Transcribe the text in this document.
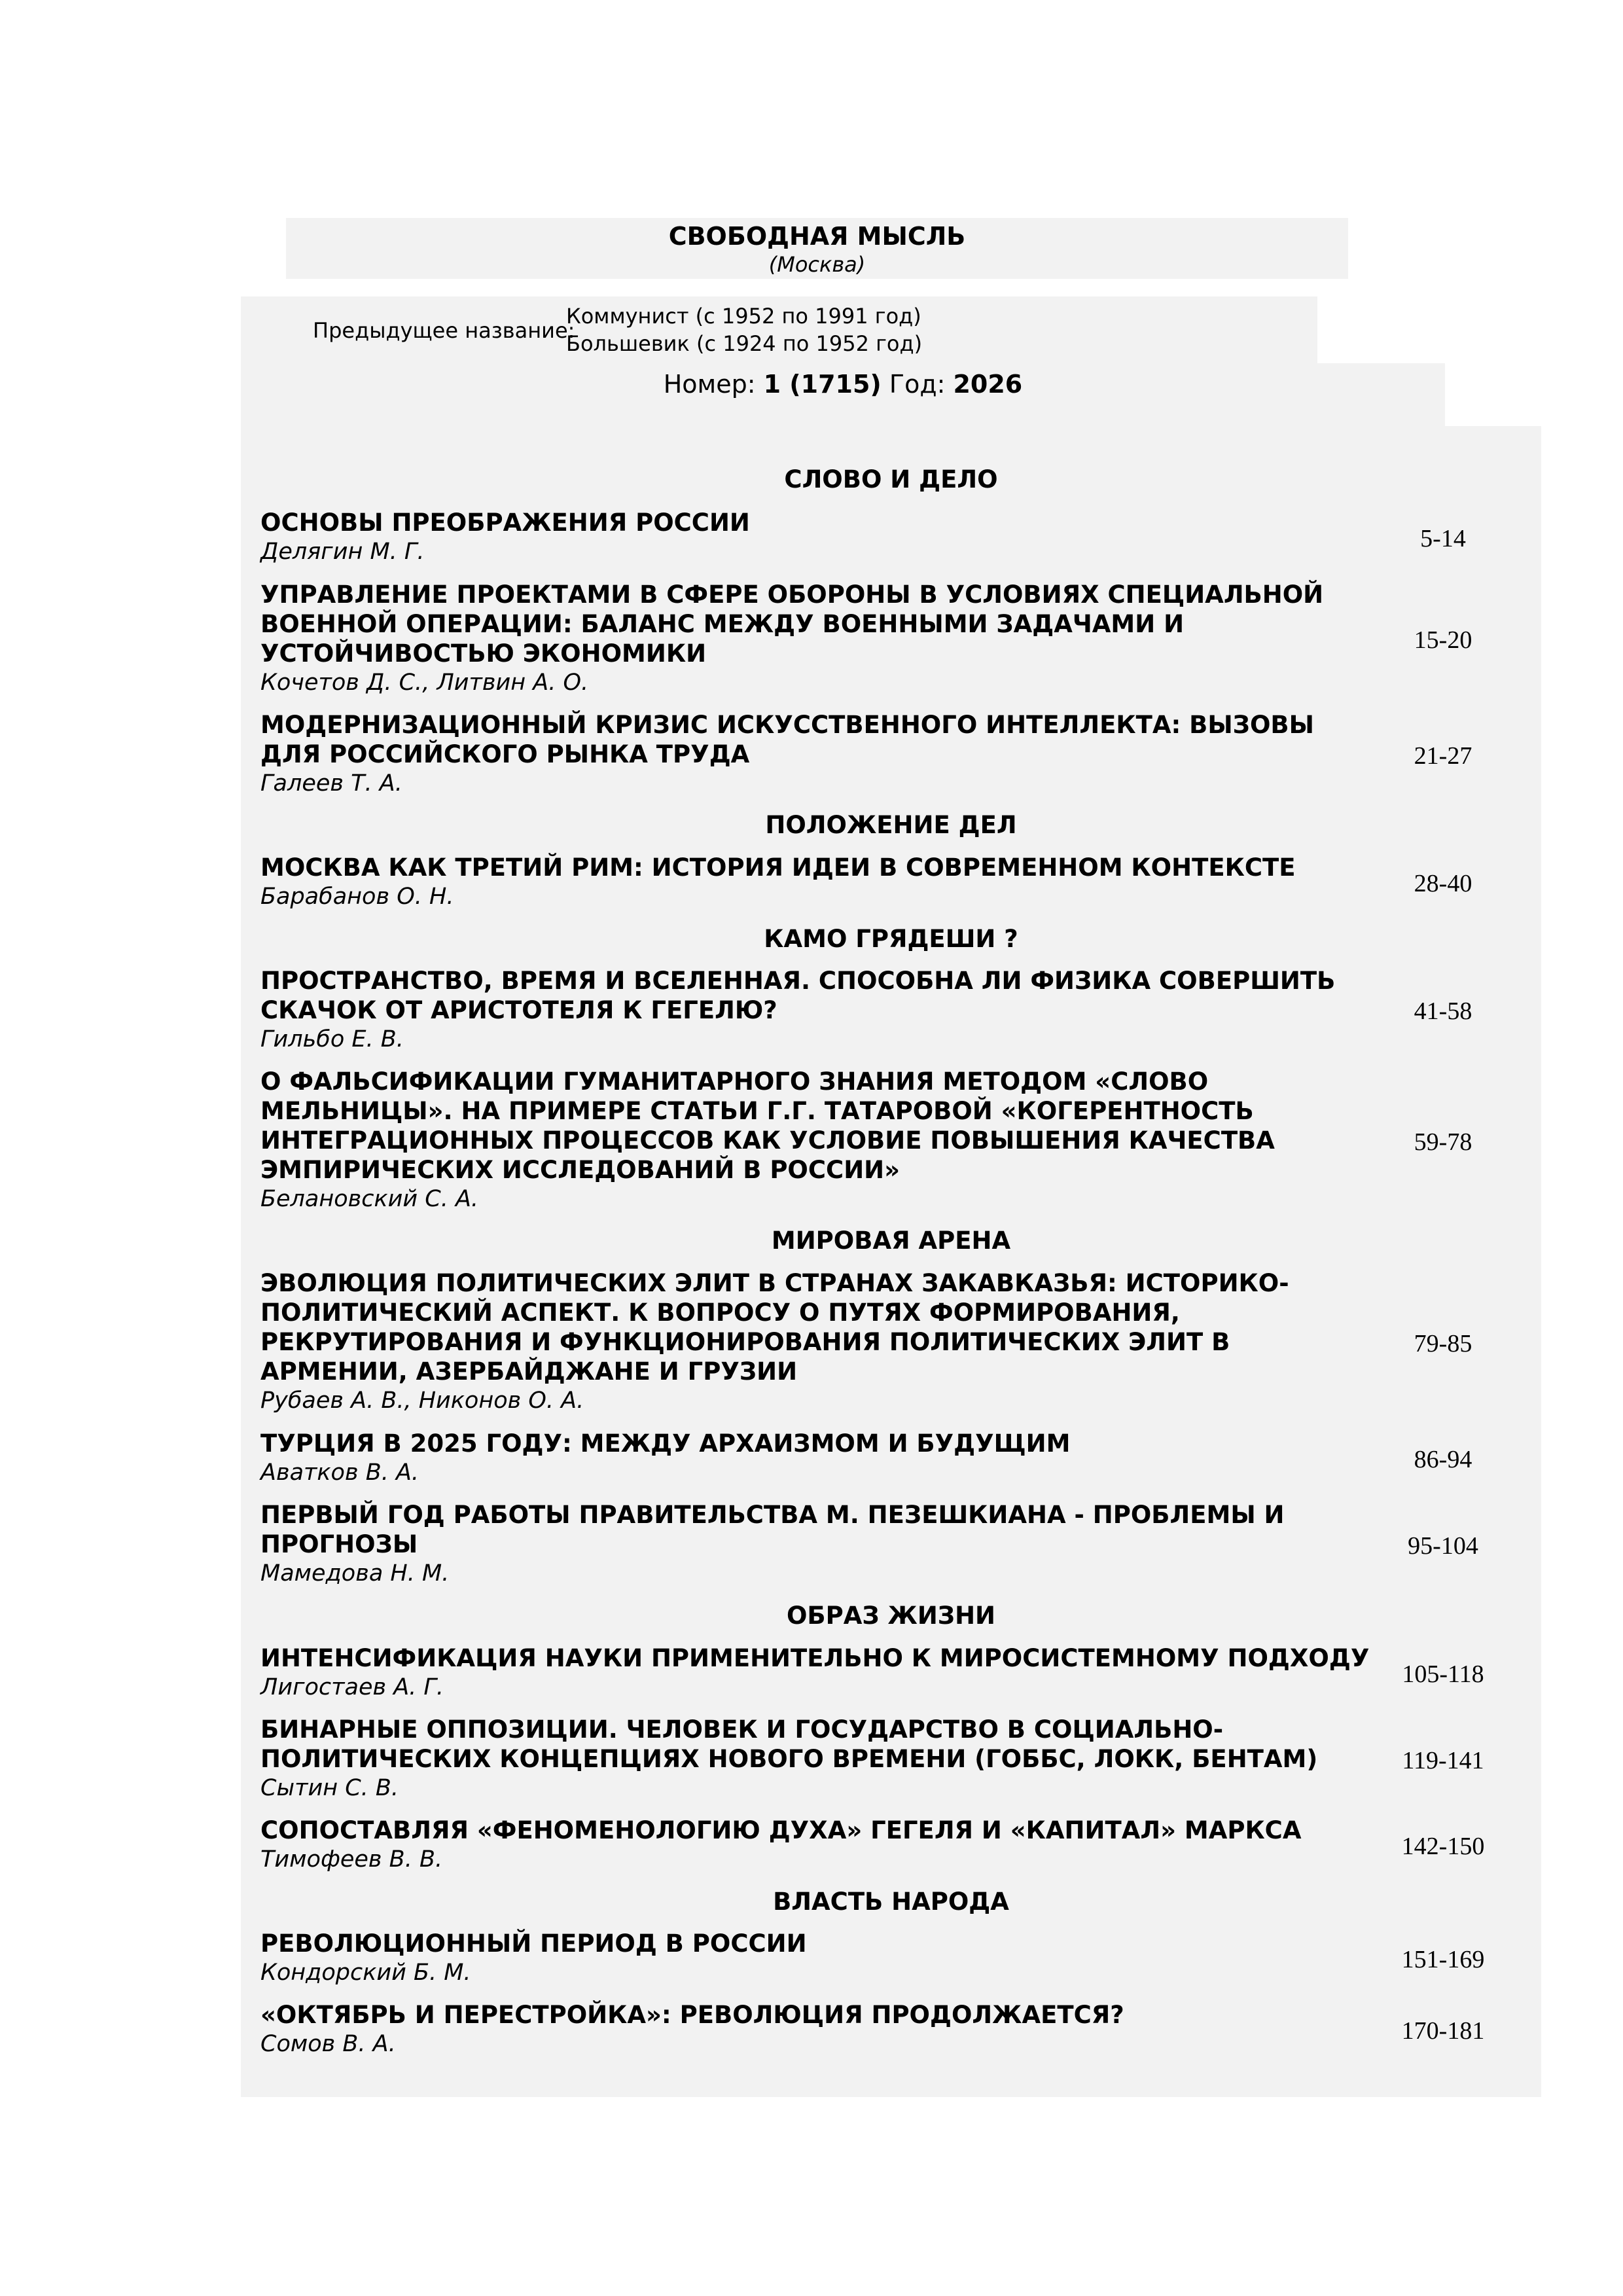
СВОБОДНАЯ МЫСЛЬ
(Москва)
Предыдущее название:
Коммунист (с 1952 по 1991 год)
Большевик (с 1924 по 1952 год)
Номер: 1 (1715) Год: 2026
СЛОВО И ДЕЛО

ОСНОВЫ ПРЕОБРАЖЕНИЯ РОССИИ

Делягин М. Г.	5-14

УПРАВЛЕНИЕ ПРОЕКТАМИ В СФЕРЕ ОБОРОНЫ В УСЛОВИЯХ СПЕЦИАЛЬНОЙ ВОЕННОЙ ОПЕРАЦИИ: БАЛАНС МЕЖДУ ВОЕННЫМИ ЗАДАЧАМИ И УСТОЙЧИВОСТЬЮ ЭКОНОМИКИ

Кочетов Д. С., Литвин А. О.

15-20

МОДЕРНИЗАЦИОННЫЙ КРИЗИС ИСКУССТВЕННОГО ИНТЕЛЛЕКТА: ВЫЗОВЫ ДЛЯ РОССИЙСКОГО РЫНКА ТРУДА

Галеев Т. А.

21-27
ПОЛОЖЕНИЕ ДЕЛ

МОСКВА КАК ТРЕТИЙ РИМ: ИСТОРИЯ ИДЕИ В СОВРЕМЕННОМ КОНТЕКСТЕ

Барабанов О. Н.	28-40
КАМО ГРЯДЕШИ ?

ПРОСТРАНСТВО, ВРЕМЯ И ВСЕЛЕННАЯ. СПОСОБНА ЛИ ФИЗИКА СОВЕРШИТЬ СКАЧОК ОТ АРИСТОТЕЛЯ К ГЕГЕЛЮ?

Гильбо Е. В.

41-58

О ФАЛЬСИФИКАЦИИ ГУМАНИТАРНОГО ЗНАНИЯ МЕТОДОМ «СЛОВО МЕЛЬНИЦЫ». НА ПРИМЕРЕ СТАТЬИ Г.Г. ТАТАРОВОЙ «КОГЕРЕНТНОСТЬ ИНТЕГРАЦИОННЫХ ПРОЦЕССОВ КАК УСЛОВИЕ ПОВЫШЕНИЯ КАЧЕСТВА ЭМПИРИЧЕСКИХ ИССЛЕДОВАНИЙ В РОССИИ»

Белановский С. А.

59-78
МИРОВАЯ АРЕНА

ЭВОЛЮЦИЯ ПОЛИТИЧЕСКИХ ЭЛИТ В СТРАНАХ ЗАКАВКАЗЬЯ: ИСТОРИКО-ПОЛИТИЧЕСКИЙ АСПЕКТ. К ВОПРОСУ О ПУТЯХ ФОРМИРОВАНИЯ, РЕКРУТИРОВАНИЯ И ФУНКЦИОНИРОВАНИЯ ПОЛИТИЧЕСКИХ ЭЛИТ В АРМЕНИИ, АЗЕРБАЙДЖАНЕ И ГРУЗИИ

Рубаев А. В., Никонов О. А.

79-85

ТУРЦИЯ В 2025 ГОДУ: МЕЖДУ АРХАИЗМОМ И БУДУЩИМ

Аватков В. А.	86-94

ПЕРВЫЙ ГОД РАБОТЫ ПРАВИТЕЛЬСТВА М. ПЕЗЕШКИАНА - ПРОБЛЕМЫ И ПРОГНОЗЫ

Мамедова Н. М.

95-104
ОБРАЗ ЖИЗНИ

ИНТЕНСИФИКАЦИЯ НАУКИ ПРИМЕНИТЕЛЬНО К МИРОСИСТЕМНОМУ ПОДХОДУ

Лигостаев А. Г.	105-118

БИНАРНЫЕ ОППОЗИЦИИ. ЧЕЛОВЕК И ГОСУДАРСТВО В СОЦИАЛЬНО-ПОЛИТИЧЕСКИХ КОНЦЕПЦИЯХ НОВОГО ВРЕМЕНИ (ГОББС, ЛОКК, БЕНТАМ)

Сытин С. В.

119-141

СОПОСТАВЛЯЯ «ФЕНОМЕНОЛОГИЮ ДУХА» ГЕГЕЛЯ И «КАПИТАЛ» МАРКСА

Тимофеев В. В.	142-150
ВЛАСТЬ НАРОДА

РЕВОЛЮЦИОННЫЙ ПЕРИОД В РОССИИ

Кондорский Б. М.	151-169

«ОКТЯБРЬ И ПЕРЕСТРОЙКА»: РЕВОЛЮЦИЯ ПРОДОЛЖАЕТСЯ?

Сомов В. А.	170-181
